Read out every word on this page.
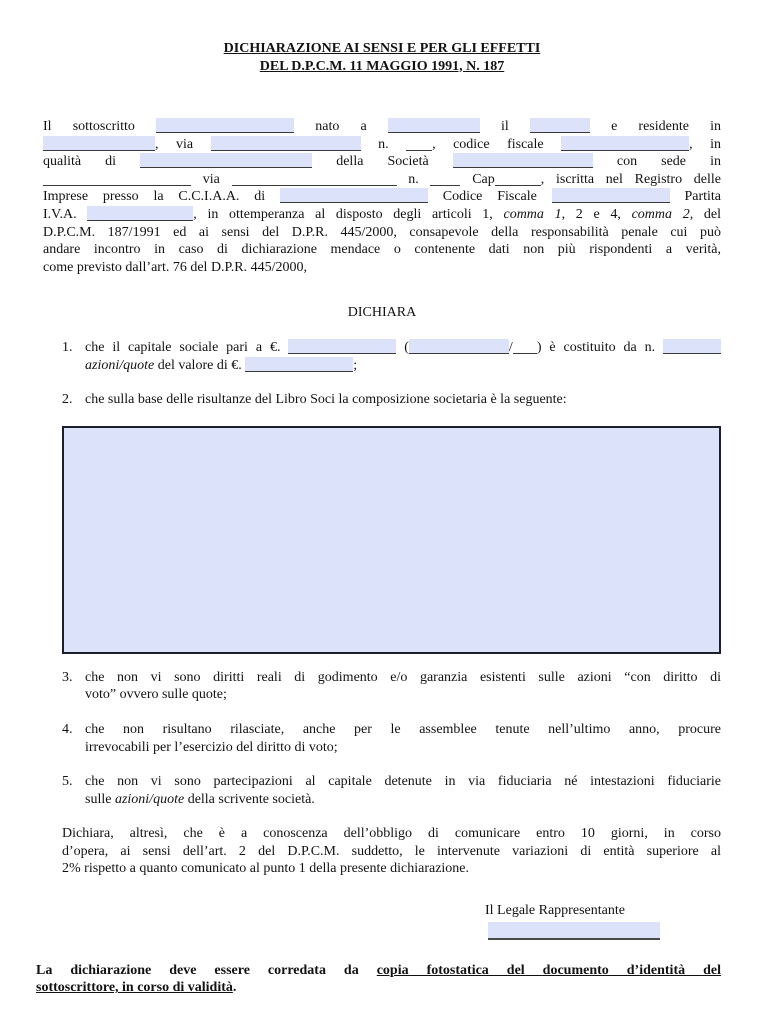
DICHIARAZIONE AI SENSI E PER GLI EFFETTI
DEL D.P.C.M. 11 MAGGIO 1991, N. 187
Il sottoscritto	nato a	il	e residente in
, via	n. , codice fiscale	, in
qualità di	della Società	con sede in
via	n.  Cap	, iscritta nel Registro delle
Imprese presso la C.C.I.A.A. di	Codice Fiscale	Partita
I.V.A.	, in ottemperanza al disposto degli articoli 1, comma 1, 2 e 4, comma 2, del
D.P.C.M. 187/1991 ed ai sensi del D.P.R. 445/2000, consapevole della responsabilità penale cui può
andare incontro in caso di dichiarazione mendace o contenente dati non più rispondenti a verità,
come previsto dall’art. 76 del D.P.R. 445/2000,
DICHIARA
1. che il capitale sociale pari a €.	(	/ ) è costituito da n.
azioni/quote del valore di €.	;
2. che sulla base delle risultanze del Libro Soci la composizione societaria è la seguente:
3. che non vi sono diritti reali di godimento e/o garanzia esistenti sulle azioni “con diritto di
voto” ovvero sulle quote;
4. che non risultano rilasciate, anche per le assemblee tenute nell’ultimo anno, procure
irrevocabili per l’esercizio del diritto di voto;
5. che non vi sono partecipazioni al capitale detenute in via fiduciaria né intestazioni fiduciarie
sulle azioni/quote della scrivente società.
Dichiara, altresì, che è a conoscenza dell’obbligo di comunicare entro 10 giorni, in corso
d’opera, ai sensi dell’art. 2 del D.P.C.M. suddetto, le intervenute variazioni di entità superiore al
2% rispetto a quanto comunicato al punto 1 della presente dichiarazione.
Il Legale Rappresentante
La dichiarazione deve essere corredata da copia fotostatica del documento d’identità del
sottoscrittore, in corso di validità.
